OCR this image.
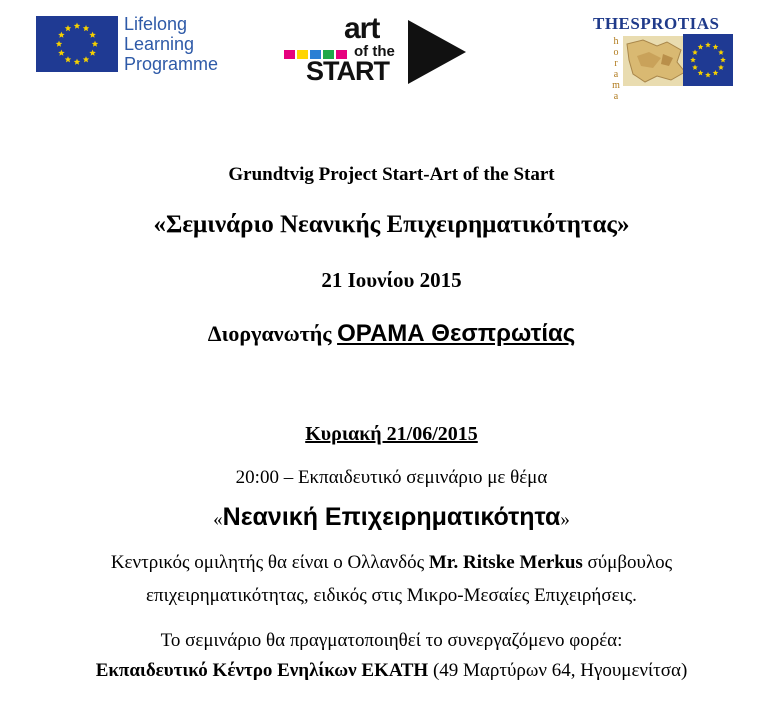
Lifelong
Learning
Programme
art
of the
START
THESPROTIAS
h
o
r
a
m
a
Grundtvig Project Start-Art of the Start
«Σεμινάριο Νεανικής Επιχειρηματικότητας»
21 Ιουνίου 2015
Διοργανωτής ΟΡΑΜΑ Θεσπρωτίας
Κυριακή 21/06/2015
20:00 – Εκπαιδευτικό σεμινάριο με θέμα
«Νεανική Επιχειρηματικότητα»
Κεντρικός ομιλητής θα είναι ο Ολλανδός Mr. Ritske Merkus σύμβουλος
επιχειρηματικότητας, ειδικός στις Μικρο-Μεσαίες Επιχειρήσεις.
Το σεμινάριο θα πραγματοποιηθεί το συνεργαζόμενο φορέα:
Εκπαιδευτικό Κέντρο Ενηλίκων ΕΚΑΤΗ (49 Μαρτύρων 64, Ηγουμενίτσα)
